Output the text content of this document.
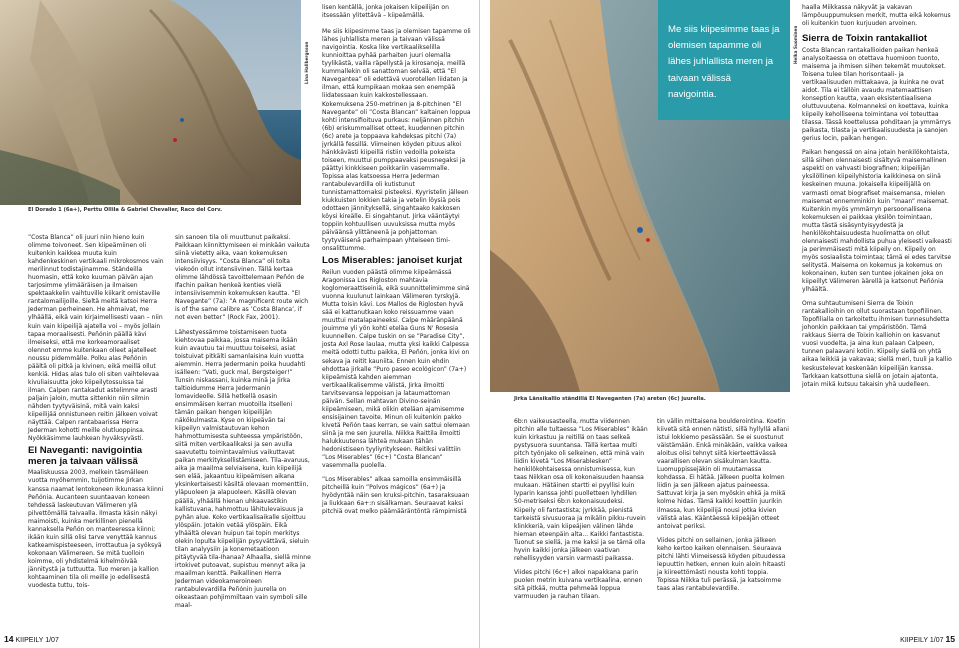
El Dorado 1 (6a+), Perttu Ollila & Gabriel Chevalier, Raco del Corv.
Lina Hallbergsson

”Costa Blanca” oli juuri niin hieno kuin olimme toivoneet. Sen kiipeämiinen oli kuitenkin kaikkea muuta kuin kahdenkeskinen vertikaali mikrokosmos vain merilinnut todistajinamme. Ständeilla huomasin, että koko kuuman päivän ajan tarjosimme ylimääräisen ja ilmaisen spektaakkelin vaihtuville kiikarit omistaville rantalomailijoille. Sieltä meitä katsoi Herra Jederman perheineen. He ahmaivat, me ylhäällä, eikä vain kirjaimellisesti vaan – niin kuin vain kiipeilijä ajatella voi – myös jollain tapaa moraalisesti. Peñónin päällä kävi ilmeiseksi, että me korkeamoraaliset olennot emme kuitenkaan olleet ajatelleet noussu pidemmälle. Polku alas Peñónin päältä oli pitkä ja kivinen, eikä meillä ollut kenkiä. Hidas alas tulo oli siten vaihtelevaa kivuliaisuutta joko kiipeilytossuissa tai ilman. Calpen rantakadut astelimme arasti paljain jaloin, mutta sittenkin niin silmin nähden tyytyväisinä, mitä vain kaksi kiipeilijää onnistuneen reitin jälkeen voivat näyttää. Calpen rantabaarissa Herra Jederman kohotti meille olutluoppinsa. Nyökkäsimme lauhkean hyväksyvästi.

El Naveganti: navigointia meren ja taivaan välissä

Maaliskuussa 2003, melkein täsmälleen vuotta myöhemmin, tuijotimme Jirkan kanssa naamat lentokoneen ikkunassa kiinni Peñónia. Aucanteen suuntaavan koneen tehdessä laskeutuvan Välimeren ylä pilvettömällä taivaalla. Ilmasta käsin näkyi maimoisti, kuinka merkillinen pienellä kannaksella Peñón on manteeressa kiinni; ikään kuin sillä olisi tarve venyttää kannus katkeamispisteeseen, irrottautua ja syöksyä kokonaan Välimereen. Se mitä tuolloin koimme, oli yhdistelmä kihelmöivää jännitystä ja tuttuutta. Tuo meren ja kallion kohtaaminen tila oli meille jo edellisestä vuodesta tuttu, tois-

sin sanoen tila oli muuttunut paikaksi. Paikkaan kiinnittymiseen ei minkään vaikuta siinä vietetty aika, vaan kokemuksen intensiivisyys. ”Costa Blanca” oli tolta viekoön ollut intensiivinen. Tällä kertaa olimme lähdössä tavoittelemaan Peñón de Ifachin paikan henkeä kenties vielä intensiivisemmin kokemuksen kautta. ”El Navegante” (7a): ”A magnificent route wich is of the same calibre as ’Costa Blanca’, if not even better” (Rock Fax, 2001).

Lähestyessämme toistamiseen tuota kiehtovaa paikkaa, jossa maisema ikään kuin avautuu tai muuttuu toiseksi, asiat toistuivat pitkälti samanlaisina kuin vuotta aiemmin. Herra Jedermanin poika huudahti isälleen: ”Vati, guck mal, Bergsteiger!” Tunsin niskassani, kuinka minä ja Jirka taltioidumme Herra Jedermanin lomavideolle. Sillä hetkellä osasin ensimmäisen kerran muotoilla itselleni tämän paikan hengen kiipeilijän näkökulmasta. Kyse on kiipeävän tai kiipeilyn valmistautuvan kehon hahmottumisesta suhteessa ympäristöön, siitä miten vertikaalikaksi ja sen avulla saavutettu toimintavalmius vaikuttavat paikan merkityksellistämiseen. Tila-avaruus, aika ja maailma selviaisena, kuin kiipeilijä sen elää, jakaantuu kiipeämisen aikana yksinkertaisesti käsiltä olevaan momenttiin, yläpuoleen ja alapuoleen. Käsillä olevan pääliä, ylhäällä hienan uhkaavastikin kallistuvana, hahmottuu lähitulevaisuus ja pyhän alue. Koko vertikaalisaikalle sijoittuu ylöspäin. Jotakin vetää ylöspäin. Eikä ylhäältä olevan huipun tai topin merkitys olekin lopulta kiipeilijän pysyvättävä, sieluin tilan analyysiin ja konemetaatioon pitäytyvää tila-Ihanaa? Alhaalla, siellä minne irtokivet putoavat, supistuu mennyt aika ja maailman kenttä. Paikallinen Herra Jederman videokameroineen rantabulevardilla Peñónin juurella on oikeastaan pohjimmiltaan vain symboli sille maal-

lisen kentällä, jonka jokaisen kiipeilijän on itsessään ylitettävä – kiipeämällä.

Me siis kiipesimme taas ja olemisen tapamme oli lähes juhlallista meren ja taivaan välissä navigointia. Koska like vertikaalikselilla kunnioittaa pyhää parhaiten juuri olemalla tyylikästä, vailla räpellystä ja kirosanoja, meillä kummallekin oli sanattoman selvää, että ”El Navegantea” oli edettävä vuorotellen liidaten ja ilman, että kumpikaan mokaa sen enempää liidatessaan kuin kakkostellessaan. Kokemuksena 250-metrinen ja 8-pitchinen ”El Navegante” oli ”Costa Blancan” kaltainen loppua kohti intensifioituva purkaus: neljännen pitchin (6b) eriskummalliset otteet, kuudennen pitchin (6c) arete ja toppaava kahdeksas pitchi (7a) jyrkällä fessillä. Viimeinen köyden pituus alkoi hänkkävästi kiipeillä ristiin vedoilla pokeista toiseen, muuttui pumppaavaksi peusnegaksi ja päättyi kinkkiseen poikkariin vasemmalle. Topissa alas katsoessa Herra Jederman rantabulevardilla oli kutistunut tunnistamattomaksi pisteeksi. Kyyristelin jälleen kiukkuisten lokkien takia ja vetelin löysiä pois odottaen jännityksellä, singahtaako kakkosen köysi kireälle. Ei singahtanut. Jirka vääntäytyi toppiin kohtuullisen uuvuksissa mutta myös päiväänsä ylittäneenä ja pohjattoman tyytyväisenä parhaimpaan yhteiseen timi-onsalittumme.

Los Miserables: janoiset kurjat

Reilun vuoden päästä olimme kiipeämässä Aragonissa Los Rigloston mahtavia koglomeraattiseiniä, eikä suunnittelimimme sinä vuonna kuulunut lainkaan Välimeren tyrskyjä. Mutta toisin kävi. Los Mallos de Riglosten hyvä sää ei kattanutkaan koko reissuamme vaan muuttui matalapaineeksi. Calpe määränpäänä jouimme yli yön kohti eteläa Guns N' Rosesia kuunnellen. Calpe tuskin on se ”Paradise City”, josta Axl Rose laulaa, mutta yksi kaikki Calpessa meitä odotti tuttu paikka, El Peñón, jonka kivi on sekava ja reitit kauniita. Ennen kuin ehdin ehdottaa jirkalle ”Puro paseo ecológicon” (7a+) kiipeämistä kahden aiemman vertikaalikalisemme välistä, Jirka ilmoitti tarvitsevansa leppoisan ja lataumattoman päivän. Sellan mahtavan Divino-seinän kiipeämiseen, mikä olikin eteläan ajamisemme ensisijainen tavoite. Minun oli kuitenkin pakko kivetä Peñón taas kerran, se vain sattui olemaan siinä ja me sen juurella. Niikka Raittila ilmoitti halukkuutensa lähteä mukaan tähän hedonistiseen tyyliyritykseen. Reitiksi valittiin ”Los Miserables” (6c+) ”Costa Blancan” vasemmalla puolella.

”Los Miserables” alkaa samoilla ensimmäisillä pitcheillä kuin ”Polvos mágicos” (6a+) ja hyödyntää näin sen kruksi-pitchin, tasaraksuaan ja liukkaan 6a+:n sisälkaman. Seuraavat kaksi pitchiä ovat melko päämääräntöntä rämpimistä

14 KIIPEILY 1/07
Jirka Länsikallio ständillä El Naveganten (7a) areten (6c) juurella.
Me siis kiipesimme taas ja olemisen tapamme oli lähes juhlallista meren ja taivaan välissä navigointia.
Helka Suominen

6b:n vaikeusasteella, mutta viidennen pitchin alle tultaessa ”Los Miserables” ikään kuin kirkastuu ja reitillä on taas selkeä pystysuora suuntansa. Tällä kertaa multi pitch työnjako oli selkeinen, että minä vain liidin kivetä ”Los Miserablesken” henkilökohtaisessa onnistumisessa, kun taas Niikkan osa oli kokonaisuuden haansa mukaan. Hätäinen startti ei pyyllisi kuin lyparin kanssa johti puolletteen lyhdillen 50-metriseksi 6b:n kokonaisuudeksi. Kiipeily oli fantastista; jyrkkää, pienistä tarkeistä sivusuoraa ja mikälin pikku-ruvein klinkkeriä, vain kiipeäjien välinen lähde hieman eteenpäin alta... Kaikki fantastista. Tuonut se siellä, ja me kaksi ja se tämä olla hyvin kaikki jonka jälkeen vaativan rehellisyyden varsin varmasti paikassa.

Viides pitchi (6c+) alkoi napakkana parin puolen metrin kuivana vertikaalina, ennen sitä pitkää, mutta pehmeää loppua varmuuden ja rauhan tilaan.

tin vällin mittaisena boulderointina. Koetin kiivetä sitä ennen nätisti, sillä hyllyllä allani istui lokkiemo pesässään. Se ei suostunut väistämään. Enkä minäkään, vaikka vaikea aloitus olisi tehnyt siitä kierteettävässä vaarallisen olevan sisäkulman kautta. Luomuppissejäkin oli muutamassa kohdassa. Ei hätää. Jälkeen puolta kolmen liidin ja sen jälkeen ajatus paineessa. Sattuvat kirja ja sen myöskin ehkä ja mikä kolme hidas. Tämä kaikki koettiin juurikin ilmassa, kun kiipeilijä nousi jotka kivien välistä alas. Kääntäessä kiipeäjän otteet antoivat periksi.

Viides pitchi on sellainen, jonka jälkeen keho kertoo kaiken olennaisen. Seuraava pitchi lähti Viimeisessä köyden pituudessa lepuuttin hetken, ennen kuin aloin hitaasti ja kiireettömästi nousta kohti toppia. Topissa Niikka tuli perässä, ja katsoimme taas alas rantabulevardille.

haalla Miikkassa näkyvät ja vakavan lämpöuuppumuksen merkit, mutta eikä kokemus oli kuitenkin tuon kurjuuden arvoinen.

Sierra de Toixin rantakalliot

Costa Blancan rantakallioiden paikan henkeä analysoitaessa on otettava huomioon tuonto, maisema ja ihmisen siihen tekemät muutokset. Toisena tulee tilan horisontaali- ja vertikaalisuuden mittakaava, ja kuinka ne ovat aidot. Tila ei tällöin avaudu matemaattisen konseption kautta, vaan eksistentiaalisena oluttuvuutena. Kolmanneksi on koettava, kuinka kiipeily keholliseena toimintana voi toteuttaa tilassa. Tässä koettelussa pohditaan ja ymmärrys paikasta, tilasta ja vertikaalisuudesta ja sanojen gerius locin, paikan hengen.

Paikan hengessä on aina jotain henkilökohtaista, sillä siihen olennaisesti sisältyvä maisemallinen aspekti on vahvasti biografinen; kiipeilijän yksilöllinen kiipeilyhistoria kaikkinesa on siinä keskeinen muuna. Jokaisella kiipeilijällä on varmasti omat biografiset maisemansa, mielen maisemat ennemminkin kuin ”maan” maisemat. Kuitenkin myös ymmärryn persoonallisena kokemuksen ei paikkaa yksilön toimintaan, mutta tästä sisäsyntyisyydestä ja henkilökohtaisuudesta huolimatta on ollut olennaisesti mahdollista puhua yleisesti vaikeasti ja perimmäisesti mitä kiipeily on. Kiipeily on myös sosiaalista toimintaa; tämä ei edes tarvitse selitystä. Maisema on kokemus ja kokemus on kokonainen, kuten sen tuntee jokainen joka on kiipeillyt Välimeren äärellä ja katsonut Peñónia ylhäältä.

Oma suhtautumiseni Sierra de Toixin rantakallioihin on ollut suorastaan topofiilinen. Topofilialla on tarkoitettu ihmisen tunnesuhdetta johonkin paikkaan tai ympäristöön. Tämä rakkaus Sierra de Toixin kalliohin on kasvanut vuosi vuodelta, ja aina kun palaan Calpeen, tunnen palaavani kotiin. Kiipeily siellä on yhtä aikaa leikkiä ja vakavaa; siellä meri, tuuli ja kallio keskustelevat keskenään kiipeilijän kanssa. Tarkkaan katsottuna siellä on jotain ajatonta, jotain mikä kutsuu takaisin yhä uudelleen.

KIIPEILY 1/07 15
